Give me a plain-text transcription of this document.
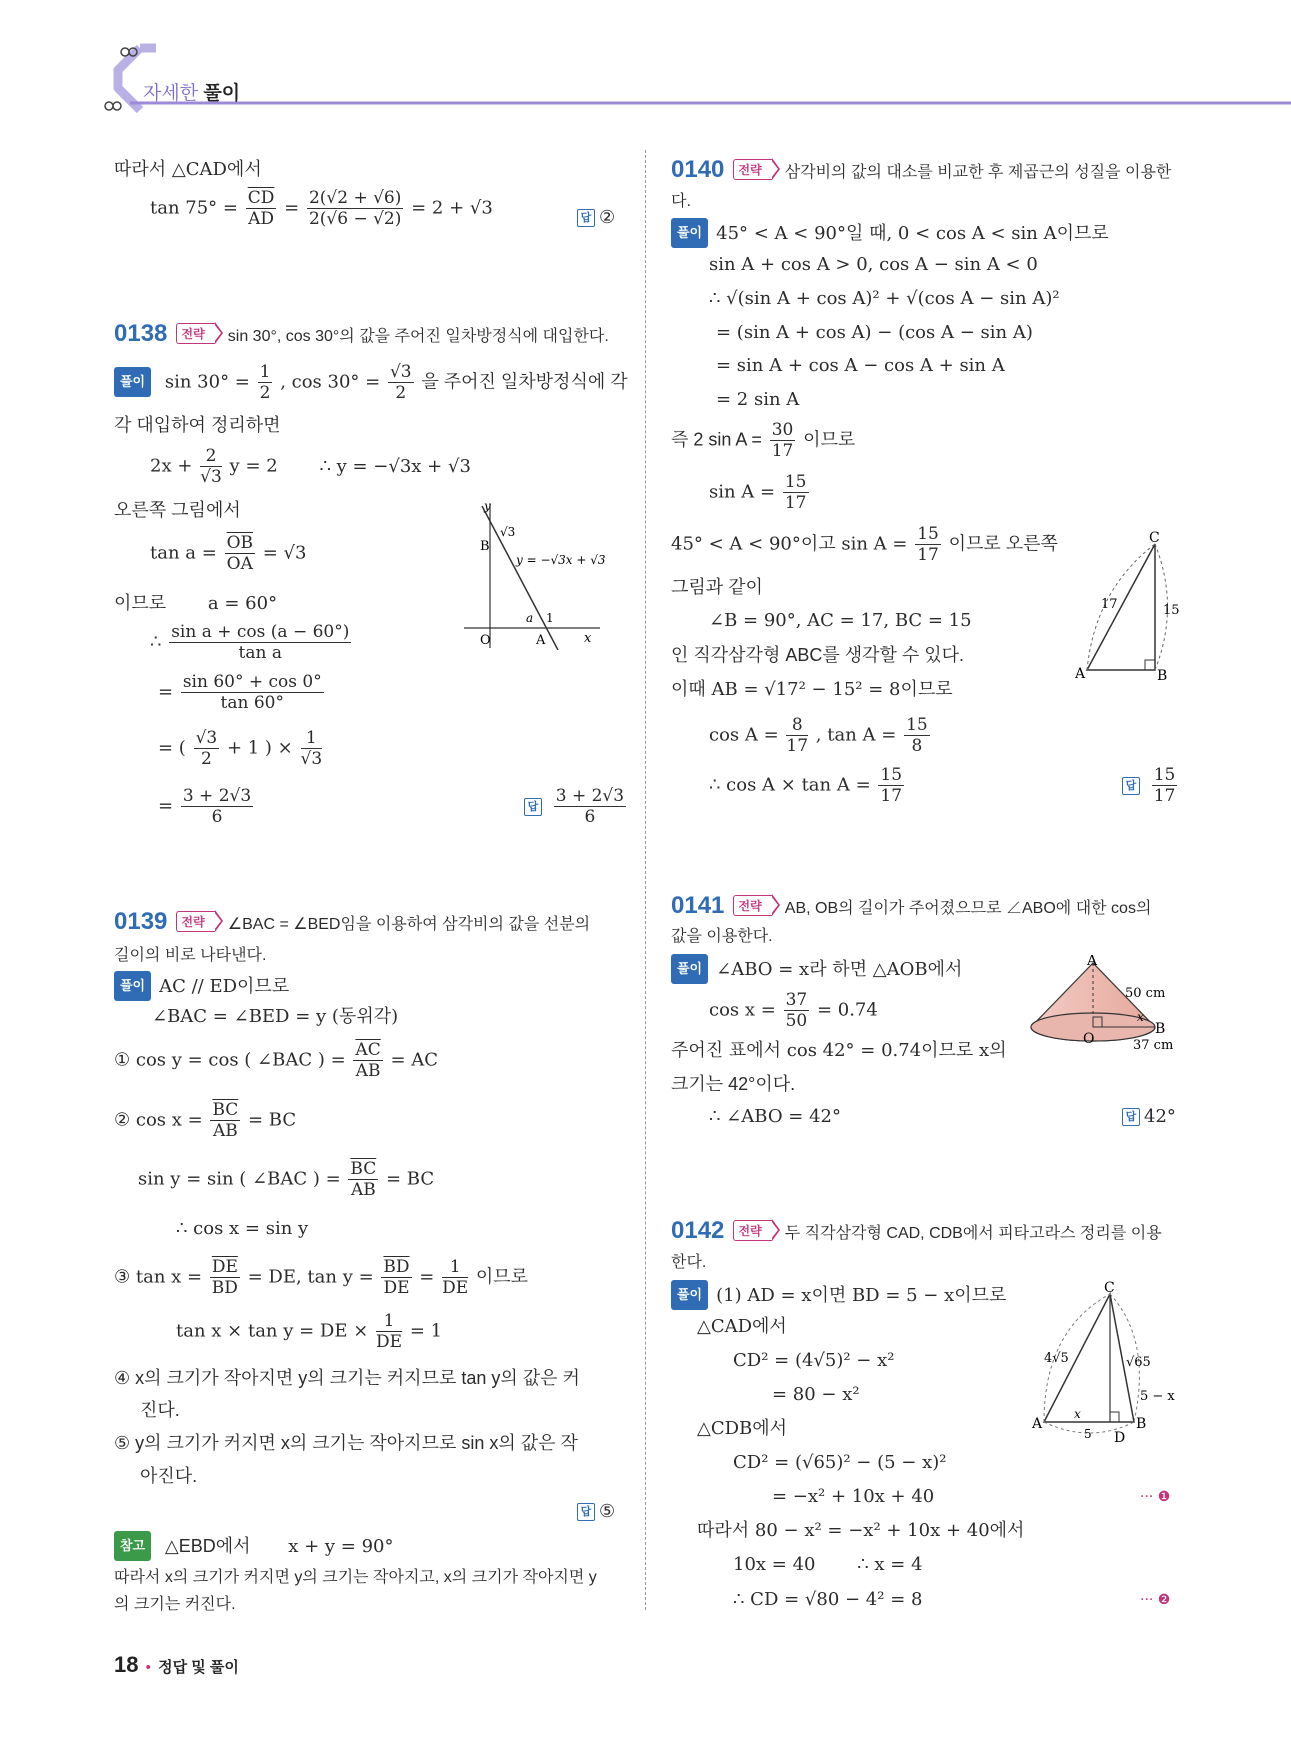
자세한 풀이
따라서 △CAD에서
$\tan 75^\circ = \frac{\overline{CD}}{AD} = \frac{2(√2 + √6)}{2(√6 - √2)} = 2 + √3$	답 ②
0138 전략 sin 30°, cos 30°의 값을 주어진 일차방정식에 대입한다.
풀이 $\sin 30^\circ = \frac{1}{2}$ , $\cos 30^\circ = \frac{√3}{2}$ 을 주어진 일차방정식에 각
각 대입하여 정리하면
$2x + \frac{2}{√3}$ y = 2 ∴ y = −√3x + √3
오른쪽 그림에서
$\tan a = \frac{\overline{OB}}{OA} = √3$
이므로 a = 60°
∴ $\frac{\text{sin a + cos (a − 60°)}}{\text{tan a}}$
= $\frac{\sin 60^\circ + \cos 0^\circ}{\tan 60^\circ}$
= ( $\frac{√3}{2} + 1$ ) × $\frac{1}{√3}$
= $\frac{3 + 2√3}{6}$	답 $\frac{3 + 2√3}{6}$
y
x
O	A
B
√3
y = −√3x + √3
a 1
0139 전략 ∠BAC = ∠BED임을 이용하여 삼각비의 값을 선분의
길이의 비로 나타낸다.
풀이 AC // ED이므로
∠BAC = ∠BED = y (동위각)
① cos y = cos ( ∠BAC ) = $\frac{\overline{AC}}{AB}$ = AC
② $\cos x = \frac{\overline{BC}}{AB}$ = BC
sin y = sin ( ∠BAC ) = $\frac{\overline{BC}}{AB}$ = BC
∴ cos x = sin y
③ $\tan x = \frac{\overline{DE}}{BD}$ = DE, $\tan y = \frac{\overline{BD}}{DE} = \frac{1}{DE}$ 이므로
tan x × tan y = DE × $\frac{1}{DE} = 1$
④ x의 크기가 작아지면 y의 크기는 커지므로 tan y의 값은 커
진다.
⑤ y의 크기가 커지면 x의 크기는 작아지므로 sin x의 값은 작
아진다.
답 ⑤
참고 △EBD에서 x + y = 90°
따라서 x의 크기가 커지면 y의 크기는 작아지고, x의 크기가 작아지면 y
의 크기는 커진다.
0140 전략 삼각비의 값의 대소를 비교한 후 제곱근의 성질을 이용한
다.
풀이 45° < A < 90°일 때, 0 < cos A < sin A이므로
sin A + cos A > 0, cos A − sin A < 0
∴ √(sin A + cos A)² + √(cos A − sin A)²
= (sin A + cos A) − (cos A − sin A)
= sin A + cos A − cos A + sin A
= 2 sin A
즉 2 $\sin A = \frac{30}{17}$ 이므로
$\sin A = \frac{15}{17}$
45° < A < 90°이고 $\sin A = \frac{15}{17}$ 이므로 오른쪽
그림과 같이
∠B = 90°, AC = 17, BC = 15
인 직각삼각형 ABC를 생각할 수 있다.
이때 AB = √17² − 15² = 8이므로
$\cos A = \frac{8}{17}$ , $\tan A = \frac{15}{8}$
∴ $\cos A \times \tan A = \frac{15}{17}$	답 $\frac{15}{17}$
C
A	B
17	15
0141 전략 AB, OB의 길이가 주어졌으므로 ∠ABO에 대한 cos의
값을 이용한다.
풀이 ∠ABO = x라 하면 △AOB에서
$\cos x = \frac{37}{50} = 0.74$
주어진 표에서 cos 42° = 0.74이므로 x의
크기는 42°이다.
∴ ∠ABO = 42°	답 42°
A
O
B
x
50 cm
37 cm
0142 전략 두 직각삼각형 CAD, CDB에서 피타고라스 정리를 이용
한다.
풀이 (1) AD = x이면 BD = 5 − x이므로
△CAD에서
CD² = (4√5)² − x²
= 80 − x²
△CDB에서
CD² = (√65)² − (5 − x)²
= −x² + 10x + 40	··· ❶
따라서 80 − x² = −x² + 10x + 40에서
10x = 40 ∴ x = 4
∴ CD = √80 − 4² = 8	··· ❷
C
A	B
D
4√5	√65
5 − x
x
5
18 • 정답 및 풀이
